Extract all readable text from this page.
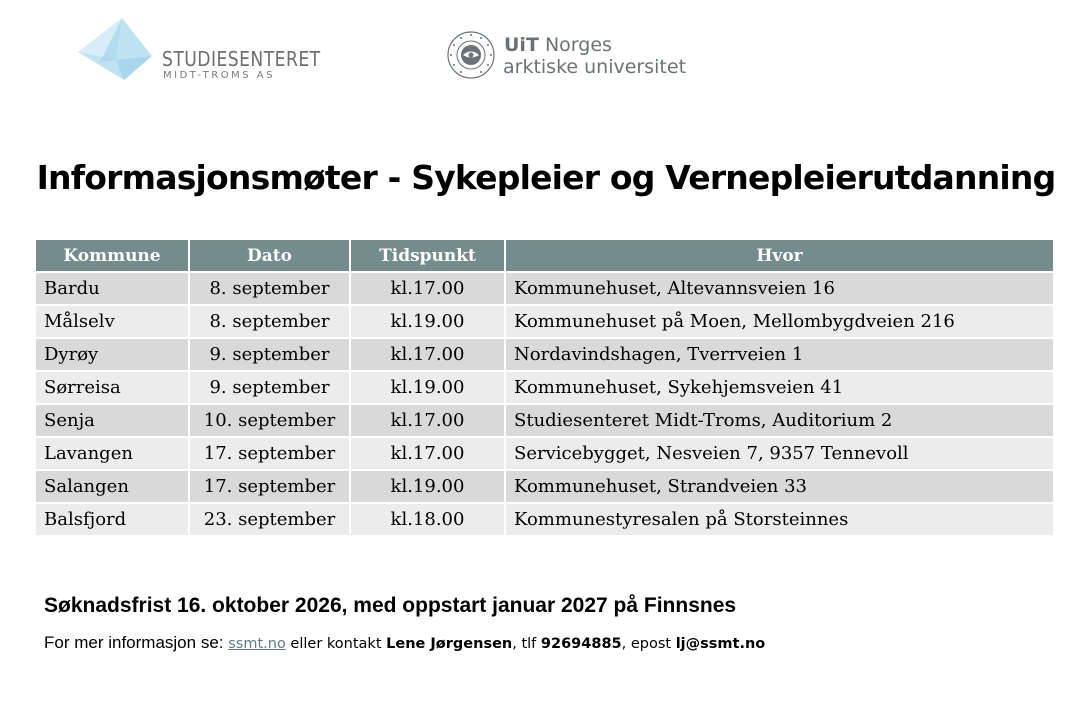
STUDIESENTERET
MIDT-TROMS AS
UiT Norges
arktiske universitet
Informasjonsmøter - Sykepleier og Vernepleierutdanning
Kommune	Dato	Tidspunkt	Hvor
Bardu	8. september	kl.17.00	Kommunehuset, Altevannsveien 16
Målselv	8. september	kl.19.00	Kommunehuset på Moen, Mellombygdveien 216
Dyrøy	9. september	kl.17.00	Nordavindshagen, Tverrveien 1
Sørreisa	9. september	kl.19.00	Kommunehuset, Sykehjemsveien 41
Senja	10. september	kl.17.00	Studiesenteret Midt-Troms, Auditorium 2
Lavangen	17. september	kl.17.00	Servicebygget, Nesveien 7, 9357 Tennevoll
Salangen	17. september	kl.19.00	Kommunehuset, Strandveien 33
Balsfjord	23. september	kl.18.00	Kommunestyresalen på Storsteinnes
Søknadsfrist 16. oktober 2026, med oppstart januar 2027 på Finnsnes
For mer informasjon se: ssmt.no eller kontakt Lene Jørgensen, tlf 92694885, epost lj@ssmt.no
